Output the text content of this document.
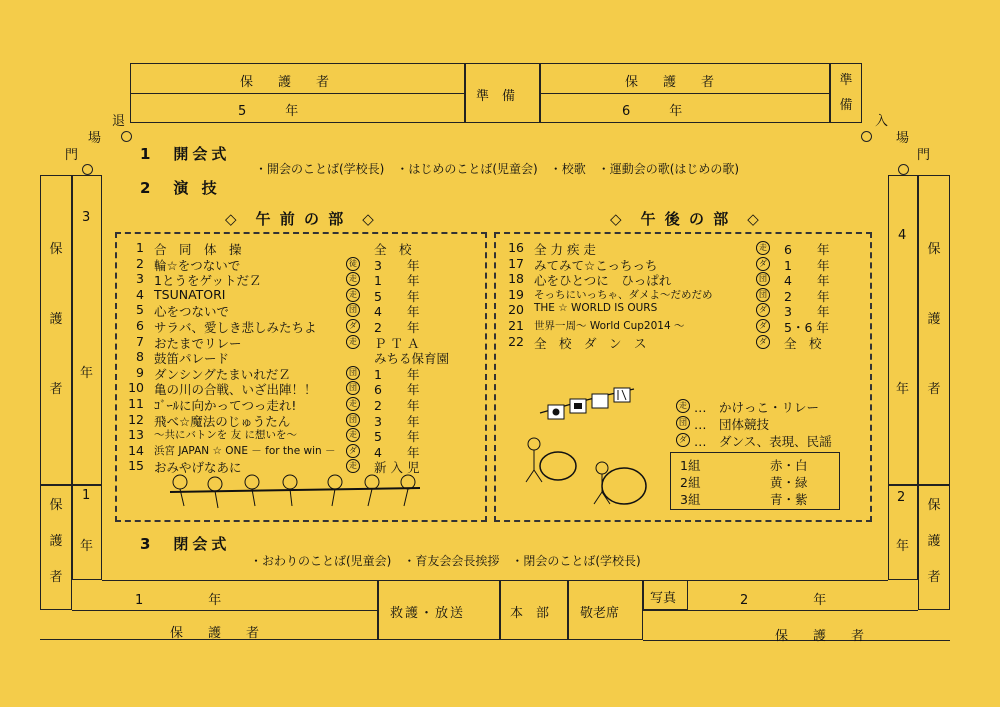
保　護　者
5　　　年
準　備
保　護　者
6　　　年
準　備
退
場
門
入
場
門
保護者
3
年
保護者
1
年
保護者
4
年
保護者
2
年
1　　　　　年
保　護　者
救護・放送	本　部 敬老席
写真	2　　　　　年
保　護　者
1　開会式
・開会のことば(学校長)　・はじめのことば(児童会)　・校歌　・運動会の歌(はじめの歌)
2　演 技
◇　午 前 の 部　◇	◇　午 後 の 部　◇
1 合　同　体　操	全　校
2 輪☆をつないで	徒 3　　年
3 1とうをゲットだＺ	走 1　　年
4 TSUNATORI	走 5　　年
5 心をつないで	団 4　　年
6 サラバ、愛しき悲しみたちよ	ダ 2　　年
7 おたまでリレー	走 Ｐ Ｔ Ａ
8 鼓笛パレード	みちる保育園
9 ダンシングたまいれだＺ	団 1　　年
10 亀の川の合戦、いざ出陣！！	団 6　　年
11 ｺﾞｰﾙに向かってつっ走れ!	走 2　　年
12 飛べ☆魔法のじゅうたん	団 3　　年
13 ～共にバトンを 友 に想いを～	走 5　　年
14 浜宮 JAPAN ☆ ONE － for the win －	ダ 4　　年
15 おみやげなあに	走 新 入 児
16 全 力 疾 走	走 6　　年
17 みてみて☆こっちっち	ダ 1　　年
18 心をひとつに　ひっぱれ	団 4　　年
19 そっちにいっちゃ、ダメよ～だめだめ	団 2　　年
20 THE ☆ WORLD IS OURS	ダ 3　　年
21 世界一周～ World Cup2014 ～	ダ 5・6 年
22 全　校　ダ　ン　ス	ダ 全　校
走 …　かけっこ・リレー
団 …　団体競技
ダ …　ダンス、表現、民謡
1組	赤・白
2組	黄・緑
3組	青・紫
3　閉会式
・おわりのことば(児童会)　・育友会会長挨拶　・閉会のことば(学校長)
